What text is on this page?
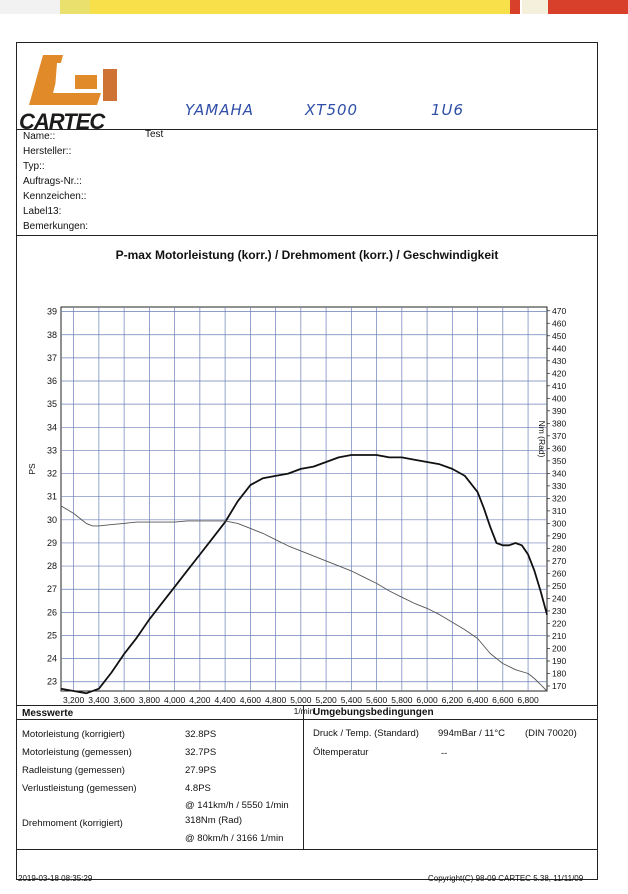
CARTEC	YAMAHA	XT500	1U6
Name::	Test
Hersteller::
Typ::
Auftrags-Nr.::
Kennzeichen::
Label13:
Bemerkungen:
P-max Motorleistung (korr.) / Drehmoment (korr.) / Geschwindigkeit
3,200 3,400 3,600 3,800 4,000 4,200 4,400 4,600 4,800 5,000 5,200 5,400 5,600 5,800 6,000 6,200 6,400 6,600 6,800
23
24
25
26
27
28
29
30
31
32
33
34
35
36
37
38
39
170
180
190
200
210
220
230
240
250
260
270
280
290
300
310
320
330
340
350
360
370
380
390
400
410
420
430
440
450
460
470
1/min
PS
Nm (Rad)
Messwerte	Umgebungsbedingungen
Motorleistung (korrigiert)	32.8PS
Motorleistung (gemessen)	32.7PS
Radleistung (gemessen)	27.9PS
Verlustleistung (gemessen)	4.8PS
@ 141km/h / 5550 1/min
Drehmoment (korrigiert)	318Nm (Rad)
@ 80km/h / 3166 1/min
Druck / Temp. (Standard) 994mBar / 11°C (DIN 70020)
Öltemperatur	--
2019-03-18 08:35:29	Copyright(C) 98-09 CARTEC 5.38, 11/11/09
